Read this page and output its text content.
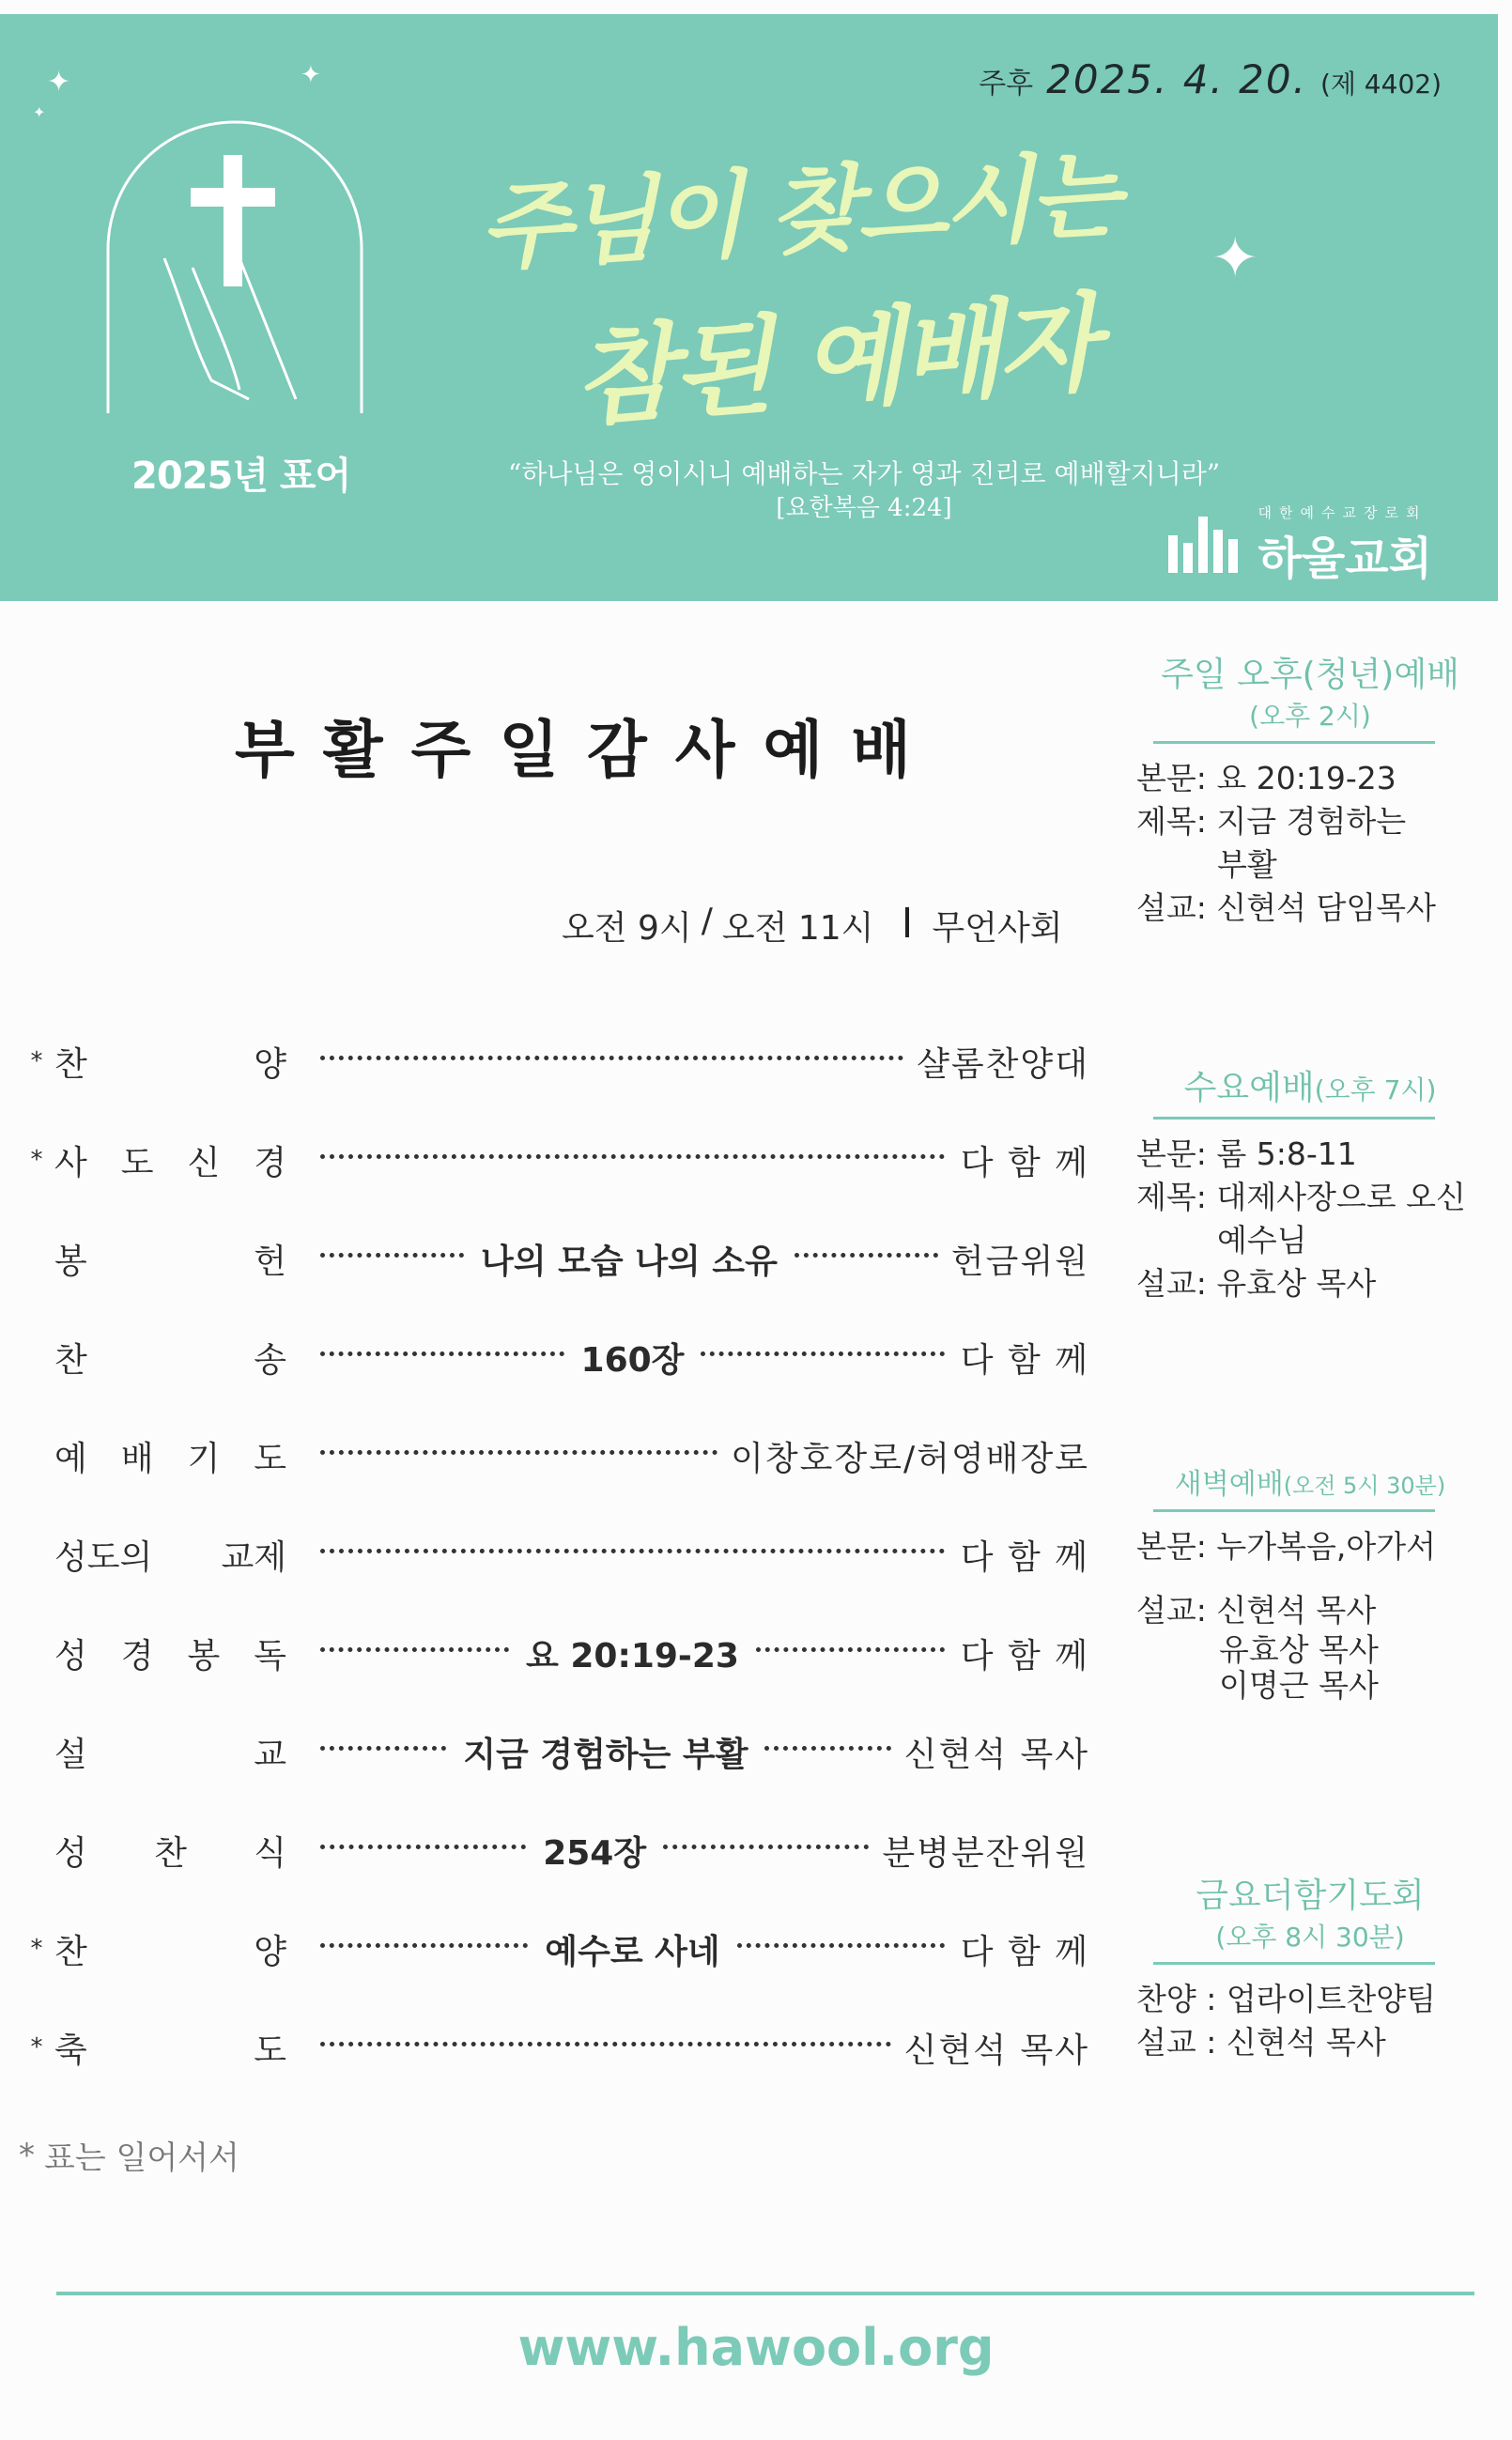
주후 2025. 4. 20. (제 4402)
✦
✦	✦
✦
2025년 표어
주님이 찾으시는
참된 예배자
“하나님은 영이시니 예배하는 자가 영과 진리로 예배할지니라”
[요한복음 4:24]	대한예수교장로회
하울교회
부활주일감사예배
오전 9시 / 오전 11시 무언사회
* 찬	양	샬롬찬양대
* 사 도 신 경	다 함 께
봉	헌	나의 모습 나의 소유	헌금위원
찬	송	160장	다 함 께
예 배 기 도	이창호장로/허영배장로
성도의 교제	다 함 께
성 경 봉 독	요 20:19-23	다 함 께
설	교	지금 경험하는 부활	신현석 목사
성 찬 식	254장	분병분잔위원
* 찬	양	예수로 사네	다 함 께
* 축	도	신현석 목사
* 표는 일어서서
주일 오후(청년)예배
(오후 2시)
본문: 요 20:19-23
제목: 지금 경험하는
부활
설교: 신현석 담임목사
수요예배(오후 7시)
본문: 롬 5:8-11
제목: 대제사장으로 오신
예수님
설교: 유효상 목사
새벽예배(오전 5시 30분)
본문: 누가복음,아가서
설교: 신현석 목사
유효상 목사
이명근 목사
금요더함기도회
(오후 8시 30분)
찬양 : 업라이트찬양팀
설교 : 신현석 목사
www.hawool.org
